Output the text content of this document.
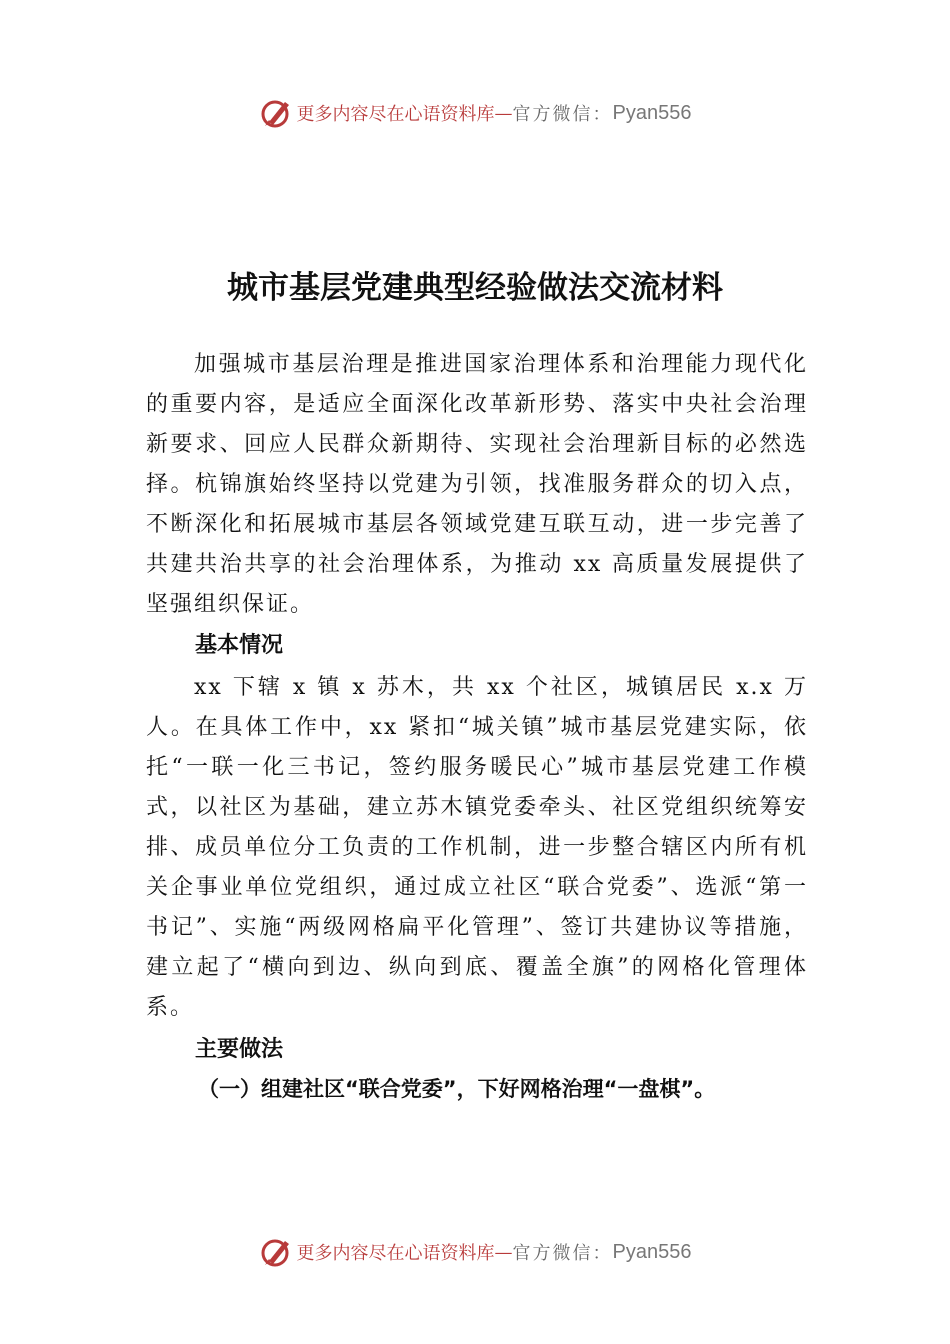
更多内容尽在心语资料库 — 官方微信： Pyan556
城市基层党建典型经验做法交流材料

加强城市基层治理是推进国家治理体系和治理能力现代化的重要内容，是适应全面深化改革新形势、落实中央社会治理新要求、回应人民群众新期待、实现社会治理新目标的必然选择。杭锦旗始终坚持以党建为引领，找准服务群众的切入点，不断深化和拓展城市基层各领域党建互联互动，进一步完善了共建共治共享的社会治理体系，为推动 xx 高质量发展提供了坚强组织保证。

基本情况

xx 下辖 x 镇 x 苏木，共 xx 个社区，城镇居民 x.x 万人。在具体工作中，xx 紧扣“城关镇”城市基层党建实际，依托“一联一化三书记，签约服务暖民心”城市基层党建工作模式，以社区为基础，建立苏木镇党委牵头、社区党组织统筹安排、成员单位分工负责的工作机制，进一步整合辖区内所有机关企事业单位党组织，通过成立社区“联合党委”、选派“第一书记”、实施“两级网格扁平化管理”、签订共建协议等措施，建立起了“横向到边、纵向到底、覆盖全旗”的网格化管理体系。

主要做法
（一）组建社区“联合党委”，下好网格治理“一盘棋”。
更多内容尽在心语资料库 — 官方微信： Pyan556
